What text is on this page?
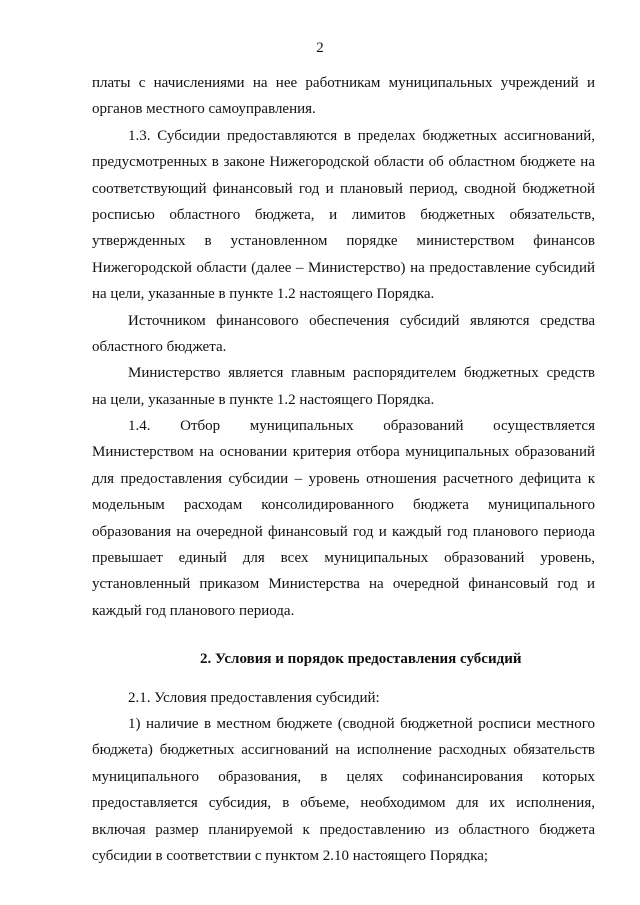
2
платы с начислениями на нее работникам муниципальных учреждений и
органов местного самоуправления.
1.3. Субсидии предоставляются в пределах бюджетных ассигнований,
предусмотренных в законе Нижегородской области об областном бюджете на
соответствующий финансовый год и плановый период, сводной бюджетной
росписью областного бюджета, и лимитов бюджетных обязательств,
утвержденных в установленном порядке министерством финансов
Нижегородской области (далее – Министерство) на предоставление субсидий
на цели, указанные в пункте 1.2 настоящего Порядка.
Источником финансового обеспечения субсидий являются средства
областного бюджета.
Министерство является главным распорядителем бюджетных средств
на цели, указанные в пункте 1.2 настоящего Порядка.
1.4. Отбор муниципальных образований осуществляется
Министерством на основании критерия отбора муниципальных образований
для предоставления субсидии – уровень отношения расчетного дефицита к
модельным расходам консолидированного бюджета муниципального
образования на очередной финансовый год и каждый год планового периода
превышает единый для всех муниципальных образований уровень,
установленный приказом Министерства на очередной финансовый год и
каждый год планового периода.
2. Условия и порядок предоставления субсидий
2.1. Условия предоставления субсидий:
1) наличие в местном бюджете (сводной бюджетной росписи местного
бюджета) бюджетных ассигнований на исполнение расходных обязательств
муниципального образования, в целях софинансирования которых
предоставляется субсидия, в объеме, необходимом для их исполнения,
включая размер планируемой к предоставлению из областного бюджета
субсидии в соответствии с пунктом 2.10 настоящего Порядка;
